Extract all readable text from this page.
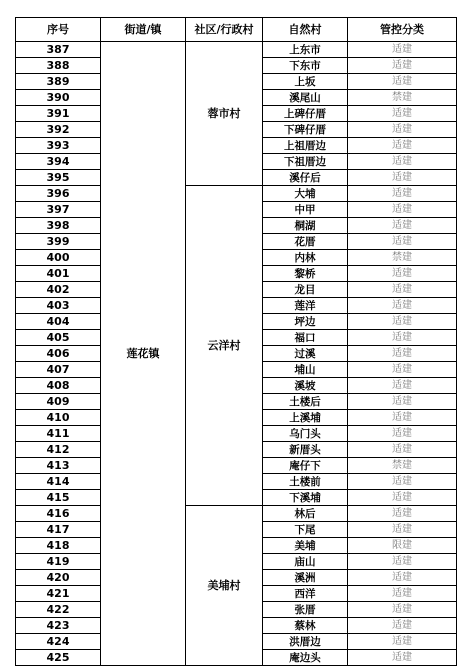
序号	街道/镇	社区/行政村	自然村	管控分类
387	莲花镇	蓉市村	上东市	适建
388			下东市	适建
389			上坂	适建
390			溪尾山	禁建
391			上碑仔厝	适建
392			下碑仔厝	适建
393			上祖厝边	适建
394			下祖厝边	适建
395			溪仔后	适建
396		云洋村	大埔	适建
397			中甲	适建
398			桐湖	适建
399			花厝	适建
400			内林	禁建
401			黎桥	适建
402			龙目	适建
403			莲洋	适建
404			坪边	适建
405			福口	适建
406			过溪	适建
407			埔山	适建
408			溪坡	适建
409			土楼后	适建
410			上溪埔	适建
411			乌门头	适建
412			新厝头	适建
413			庵仔下	禁建
414			土楼前	适建
415			下溪埔	适建
416		美埔村	林后	适建
417			下尾	适建
418			美埔	限建
419			庙山	适建
420			溪洲	适建
421			西洋	适建
422			张厝	适建
423			蔡林	适建
424			洪厝边	适建
425			庵边头	适建
